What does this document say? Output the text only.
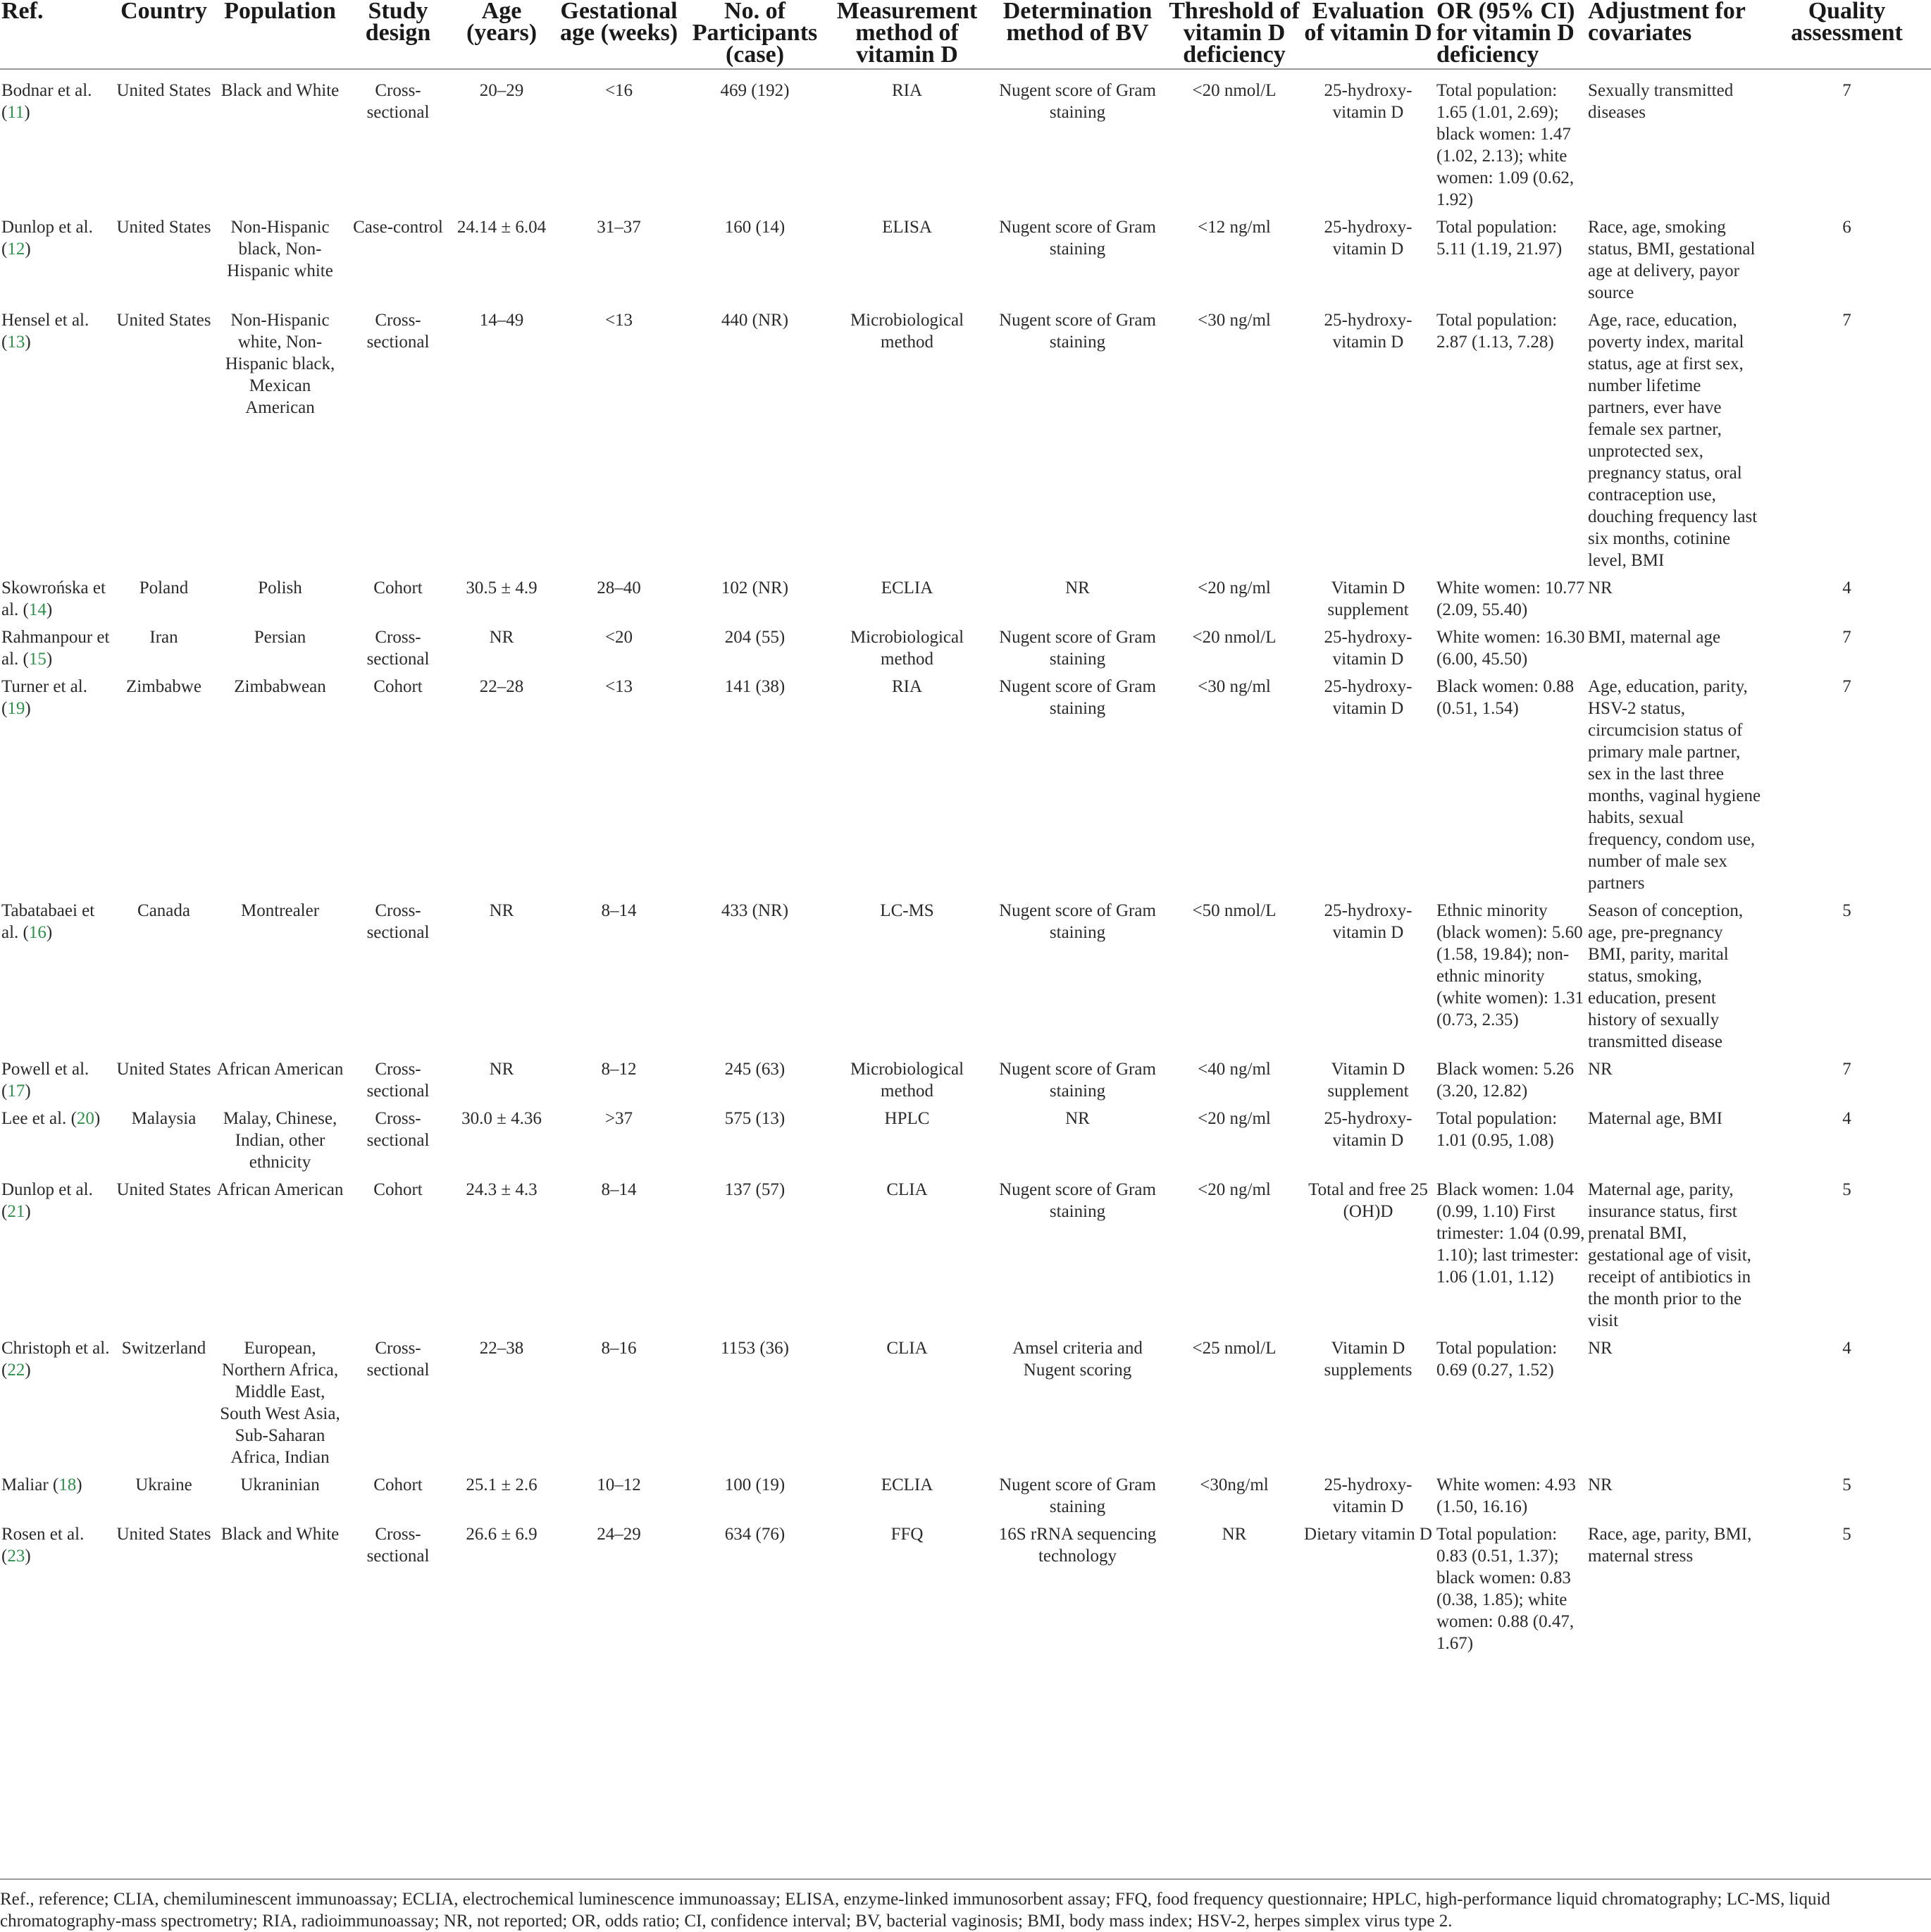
Ref.	Country	Population	Study design	Age (years)	Gestational age (weeks)	No. of Participants (case)	Measurement method of vitamin D	Determination method of BV	Threshold of vitamin D deficiency	Evaluation of vitamin D	OR (95% CI) for vitamin D deficiency	Adjustment for covariates	Quality assessment
Bodnar et al. (11)	United States	Black and White	Cross-sectional	20–29	<16	469 (192)	RIA	Nugent score of Gram staining	<20 nmol/L	25-hydroxy-vitamin D	Total population: 1.65 (1.01, 2.69); black women: 1.47 (1.02, 2.13); white women: 1.09 (0.62, 1.92)	Sexually transmitted diseases	7
Dunlop et al. (12)	United States	Non-Hispanic black, Non-Hispanic white	Case-control	24.14 ± 6.04	31–37	160 (14)	ELISA	Nugent score of Gram staining	<12 ng/ml	25-hydroxy-vitamin D	Total population: 5.11 (1.19, 21.97)	Race, age, smoking status, BMI, gestational age at delivery, payor source	6
Hensel et al. (13)	United States	Non-Hispanic white, Non-Hispanic black, Mexican American	Cross-sectional	14–49	<13	440 (NR)	Microbiological method	Nugent score of Gram staining	<30 ng/ml	25-hydroxy-vitamin D	Total population: 2.87 (1.13, 7.28)	Age, race, education, poverty index, marital status, age at first sex, number lifetime partners, ever have female sex partner, unprotected sex, pregnancy status, oral contraception use, douching frequency last six months, cotinine level, BMI	7
Skowrońska et al. (14)	Poland	Polish	Cohort	30.5 ± 4.9	28–40	102 (NR)	ECLIA	NR	<20 ng/ml	Vitamin D supplement	White women: 10.77 (2.09, 55.40)	NR	4
Rahmanpour et al. (15)	Iran	Persian	Cross-sectional	NR	<20	204 (55)	Microbiological method	Nugent score of Gram staining	<20 nmol/L	25-hydroxy-vitamin D	White women: 16.30 (6.00, 45.50)	BMI, maternal age	7
Turner et al. (19)	Zimbabwe	Zimbabwean	Cohort	22–28	<13	141 (38)	RIA	Nugent score of Gram staining	<30 ng/ml	25-hydroxy-vitamin D	Black women: 0.88 (0.51, 1.54)	Age, education, parity, HSV-2 status, circumcision status of primary male partner, sex in the last three months, vaginal hygiene habits, sexual frequency, condom use, number of male sex partners	7
Tabatabaei et al. (16)	Canada	Montrealer	Cross-sectional	NR	8–14	433 (NR)	LC-MS	Nugent score of Gram staining	<50 nmol/L	25-hydroxy-vitamin D	Ethnic minority (black women): 5.60 (1.58, 19.84); non-ethnic minority (white women): 1.31 (0.73, 2.35)	Season of conception, age, pre-pregnancy BMI, parity, marital status, smoking, education, present history of sexually transmitted disease	5
Powell et al. (17)	United States	African American	Cross-sectional	NR	8–12	245 (63)	Microbiological method	Nugent score of Gram staining	<40 ng/ml	Vitamin D supplement	Black women: 5.26 (3.20, 12.82)	NR	7
Lee et al. (20)	Malaysia	Malay, Chinese, Indian, other ethnicity	Cross-sectional	30.0 ± 4.36	>37	575 (13)	HPLC	NR	<20 ng/ml	25-hydroxy-vitamin D	Total population: 1.01 (0.95, 1.08)	Maternal age, BMI	4
Dunlop et al. (21)	United States	African American	Cohort	24.3 ± 4.3	8–14	137 (57)	CLIA	Nugent score of Gram staining	<20 ng/ml	Total and free 25 (OH)D	Black women: 1.04 (0.99, 1.10) First trimester: 1.04 (0.99, 1.10); last trimester: 1.06 (1.01, 1.12)	Maternal age, parity, insurance status, first prenatal BMI, gestational age of visit, receipt of antibiotics in the month prior to the visit	5
Christoph et al. (22)	Switzerland	European, Northern Africa, Middle East, South West Asia, Sub-Saharan Africa, Indian	Cross-sectional	22–38	8–16	1153 (36)	CLIA	Amsel criteria and Nugent scoring	<25 nmol/L	Vitamin D supplements	Total population: 0.69 (0.27, 1.52)	NR	4
Maliar (18)	Ukraine	Ukraninian	Cohort	25.1 ± 2.6	10–12	100 (19)	ECLIA	Nugent score of Gram staining	<30ng/ml	25-hydroxy-vitamin D	White women: 4.93 (1.50, 16.16)	NR	5
Rosen et al. (23)	United States	Black and White	Cross-sectional	26.6 ± 6.9	24–29	634 (76)	FFQ	16S rRNA sequencing technology	NR	Dietary vitamin D	Total population: 0.83 (0.51, 1.37); black women: 0.83 (0.38, 1.85); white women: 0.88 (0.47, 1.67)	Race, age, parity, BMI, maternal stress	5
Ref., reference; CLIA, chemiluminescent immunoassay; ECLIA, electrochemical luminescence immunoassay; ELISA, enzyme-linked immunosorbent assay; FFQ, food frequency questionnaire; HPLC, high-performance liquid chromatography; LC-MS, liquid chromatography-mass spectrometry; RIA, radioimmunoassay; NR, not reported; OR, odds ratio; CI, confidence interval; BV, bacterial vaginosis; BMI, body mass index; HSV-2, herpes simplex virus type 2.
